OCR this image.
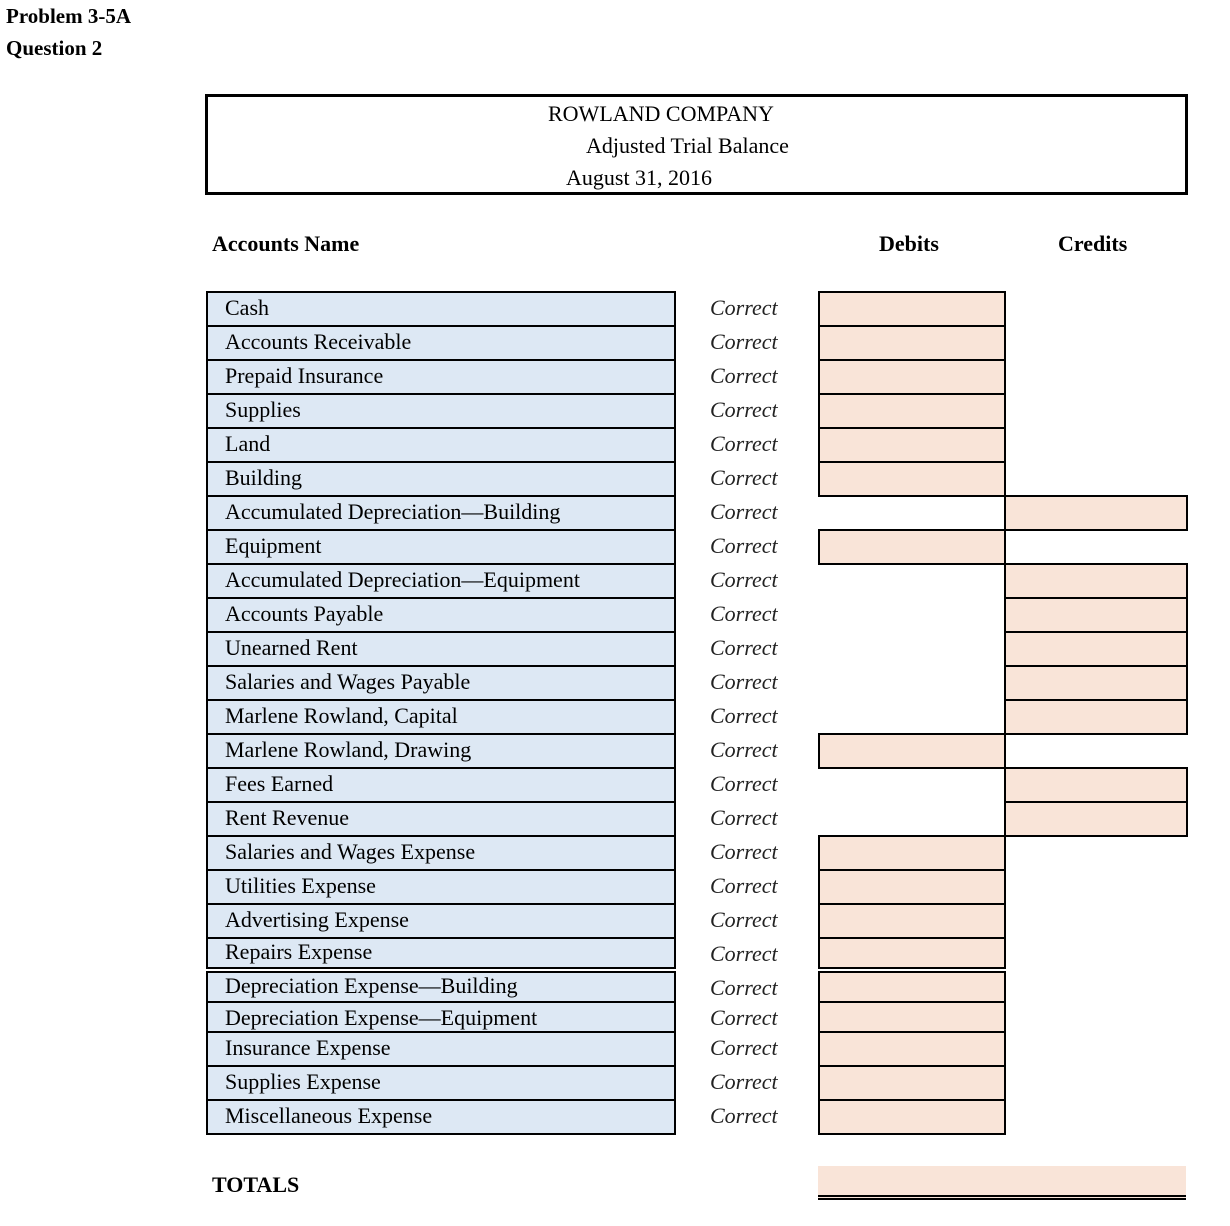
Problem 3-5A
Question 2
ROWLAND COMPANY
Adjusted Trial Balance
August 31, 2016
Accounts Name	Debits	Credits
Cash	Correct
Accounts Receivable	Correct
Prepaid Insurance	Correct
Supplies	Correct
Land	Correct
Building	Correct
Accumulated Depreciation—Building	Correct
Equipment	Correct
Accumulated Depreciation—Equipment	Correct
Accounts Payable	Correct
Unearned Rent	Correct
Salaries and Wages Payable	Correct
Marlene Rowland, Capital	Correct
Marlene Rowland, Drawing	Correct
Fees Earned	Correct
Rent Revenue	Correct
Salaries and Wages Expense	Correct
Utilities Expense	Correct
Advertising Expense	Correct
Repairs Expense	Correct
Depreciation Expense—Building	Correct
Depreciation Expense—Equipment	Correct
Insurance Expense	Correct
Supplies Expense	Correct
Miscellaneous Expense	Correct
TOTALS
